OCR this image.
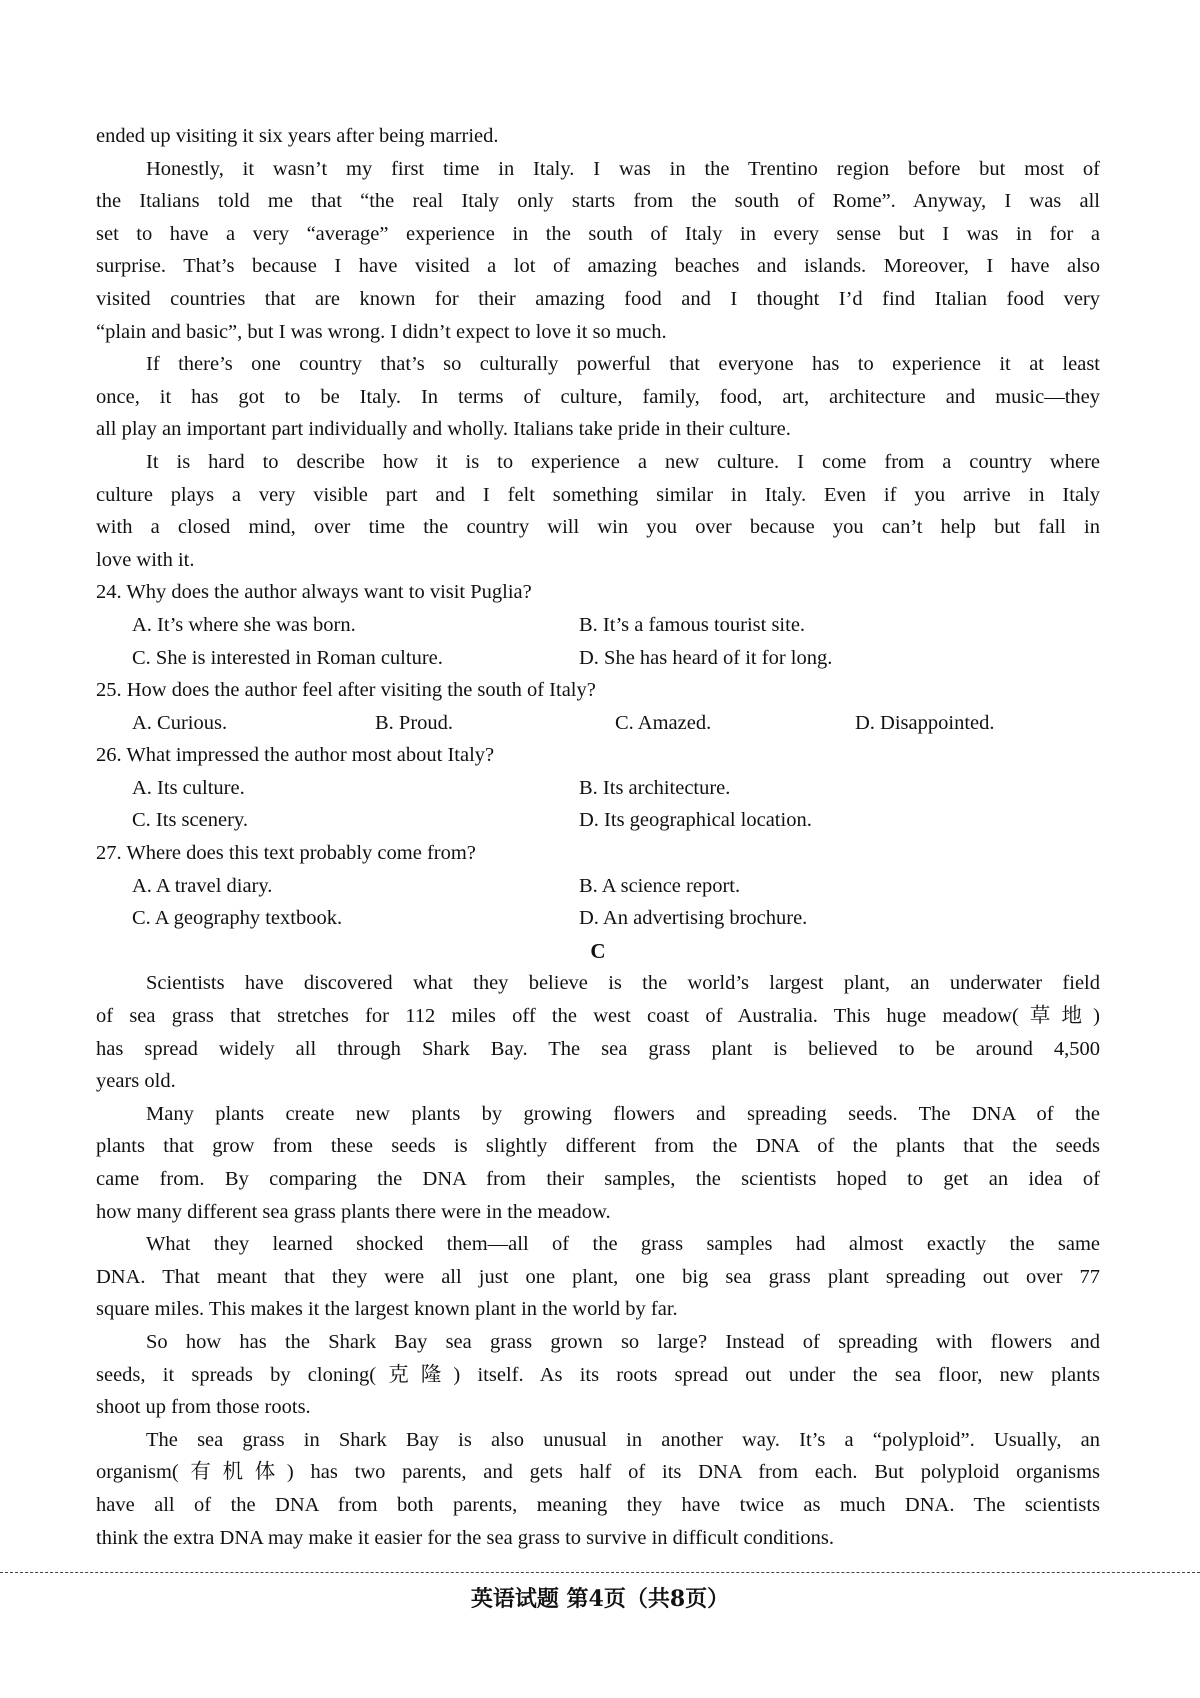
ended up visiting it six years after being married.
Honestly, it wasn’t my first time in Italy. I was in the Trentino region before but most of
the Italians told me that “the real Italy only starts from the south of Rome”. Anyway, I was all
set to have a very “average” experience in the south of Italy in every sense but I was in for a
surprise. That’s because I have visited a lot of amazing beaches and islands. Moreover, I have also
visited countries that are known for their amazing food and I thought I’d find Italian food very
“plain and basic”, but I was wrong. I didn’t expect to love it so much.
If there’s one country that’s so culturally powerful that everyone has to experience it at least
once, it has got to be Italy. In terms of culture, family, food, art, architecture and music—they
all play an important part individually and wholly. Italians take pride in their culture.
It is hard to describe how it is to experience a new culture. I come from a country where
culture plays a very visible part and I felt something similar in Italy. Even if you arrive in Italy
with a closed mind, over time the country will win you over because you can’t help but fall in
love with it.
24. Why does the author always want to visit Puglia?
A. It’s where she was born.	B. It’s a famous tourist site.
C. She is interested in Roman culture.	D. She has heard of it for long.
25. How does the author feel after visiting the south of Italy?
A. Curious.	B. Proud.	C. Amazed.	D. Disappointed.
26. What impressed the author most about Italy?
A. Its culture.	B. Its architecture.
C. Its scenery.	D. Its geographical location.
27. Where does this text probably come from?
A. A travel diary.	B. A science report.
C. A geography textbook.	D. An advertising brochure.
C
Scientists have discovered what they believe is the world’s largest plant, an underwater field
of sea grass that stretches for 112 miles off the west coast of Australia. This huge meadow(草地)
has spread widely all through Shark Bay. The sea grass plant is believed to be around 4,500
years old.
Many plants create new plants by growing flowers and spreading seeds. The DNA of the
plants that grow from these seeds is slightly different from the DNA of the plants that the seeds
came from. By comparing the DNA from their samples, the scientists hoped to get an idea of
how many different sea grass plants there were in the meadow.
What they learned shocked them—all of the grass samples had almost exactly the same
DNA. That meant that they were all just one plant, one big sea grass plant spreading out over 77
square miles. This makes it the largest known plant in the world by far.
So how has the Shark Bay sea grass grown so large? Instead of spreading with flowers and
seeds, it spreads by cloning(克隆) itself. As its roots spread out under the sea floor, new plants
shoot up from those roots.
The sea grass in Shark Bay is also unusual in another way. It’s a “polyploid”. Usually, an
organism(有机体) has two parents, and gets half of its DNA from each. But polyploid organisms
have all of the DNA from both parents, meaning they have twice as much DNA. The scientists
think the extra DNA may make it easier for the sea grass to survive in difficult conditions.
英语试题 第4页（共8页）
